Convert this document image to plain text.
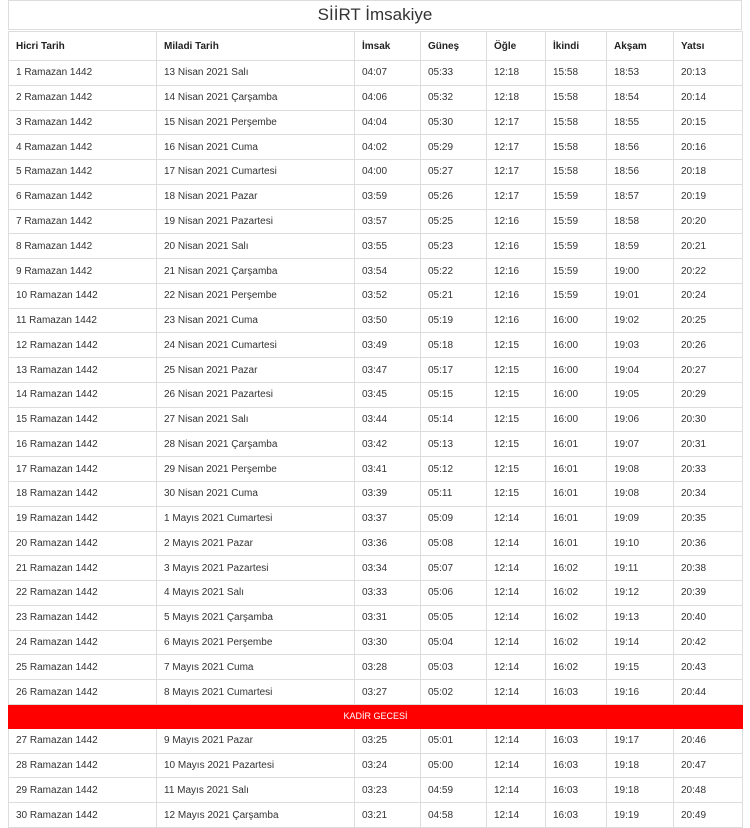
SİİRT İmsakiye
Hicri Tarih	Miladi Tarih	İmsak	Güneş	Öğle	İkindi	Akşam	Yatsı
1 Ramazan 1442	13 Nisan 2021 Salı	04:07	05:33	12:18	15:58	18:53	20:13
2 Ramazan 1442	14 Nisan 2021 Çarşamba	04:06	05:32	12:18	15:58	18:54	20:14
3 Ramazan 1442	15 Nisan 2021 Perşembe	04:04	05:30	12:17	15:58	18:55	20:15
4 Ramazan 1442	16 Nisan 2021 Cuma	04:02	05:29	12:17	15:58	18:56	20:16
5 Ramazan 1442	17 Nisan 2021 Cumartesi	04:00	05:27	12:17	15:58	18:56	20:18
6 Ramazan 1442	18 Nisan 2021 Pazar	03:59	05:26	12:17	15:59	18:57	20:19
7 Ramazan 1442	19 Nisan 2021 Pazartesi	03:57	05:25	12:16	15:59	18:58	20:20
8 Ramazan 1442	20 Nisan 2021 Salı	03:55	05:23	12:16	15:59	18:59	20:21
9 Ramazan 1442	21 Nisan 2021 Çarşamba	03:54	05:22	12:16	15:59	19:00	20:22
10 Ramazan 1442	22 Nisan 2021 Perşembe	03:52	05:21	12:16	15:59	19:01	20:24
11 Ramazan 1442	23 Nisan 2021 Cuma	03:50	05:19	12:16	16:00	19:02	20:25
12 Ramazan 1442	24 Nisan 2021 Cumartesi	03:49	05:18	12:15	16:00	19:03	20:26
13 Ramazan 1442	25 Nisan 2021 Pazar	03:47	05:17	12:15	16:00	19:04	20:27
14 Ramazan 1442	26 Nisan 2021 Pazartesi	03:45	05:15	12:15	16:00	19:05	20:29
15 Ramazan 1442	27 Nisan 2021 Salı	03:44	05:14	12:15	16:00	19:06	20:30
16 Ramazan 1442	28 Nisan 2021 Çarşamba	03:42	05:13	12:15	16:01	19:07	20:31
17 Ramazan 1442	29 Nisan 2021 Perşembe	03:41	05:12	12:15	16:01	19:08	20:33
18 Ramazan 1442	30 Nisan 2021 Cuma	03:39	05:11	12:15	16:01	19:08	20:34
19 Ramazan 1442	1 Mayıs 2021 Cumartesi	03:37	05:09	12:14	16:01	19:09	20:35
20 Ramazan 1442	2 Mayıs 2021 Pazar	03:36	05:08	12:14	16:01	19:10	20:36
21 Ramazan 1442	3 Mayıs 2021 Pazartesi	03:34	05:07	12:14	16:02	19:11	20:38
22 Ramazan 1442	4 Mayıs 2021 Salı	03:33	05:06	12:14	16:02	19:12	20:39
23 Ramazan 1442	5 Mayıs 2021 Çarşamba	03:31	05:05	12:14	16:02	19:13	20:40
24 Ramazan 1442	6 Mayıs 2021 Perşembe	03:30	05:04	12:14	16:02	19:14	20:42
25 Ramazan 1442	7 Mayıs 2021 Cuma	03:28	05:03	12:14	16:02	19:15	20:43
26 Ramazan 1442	8 Mayıs 2021 Cumartesi	03:27	05:02	12:14	16:03	19:16	20:44
KADİR GECESİ							
27 Ramazan 1442	9 Mayıs 2021 Pazar	03:25	05:01	12:14	16:03	19:17	20:46
28 Ramazan 1442	10 Mayıs 2021 Pazartesi	03:24	05:00	12:14	16:03	19:18	20:47
29 Ramazan 1442	11 Mayıs 2021 Salı	03:23	04:59	12:14	16:03	19:18	20:48
30 Ramazan 1442	12 Mayıs 2021 Çarşamba	03:21	04:58	12:14	16:03	19:19	20:49
